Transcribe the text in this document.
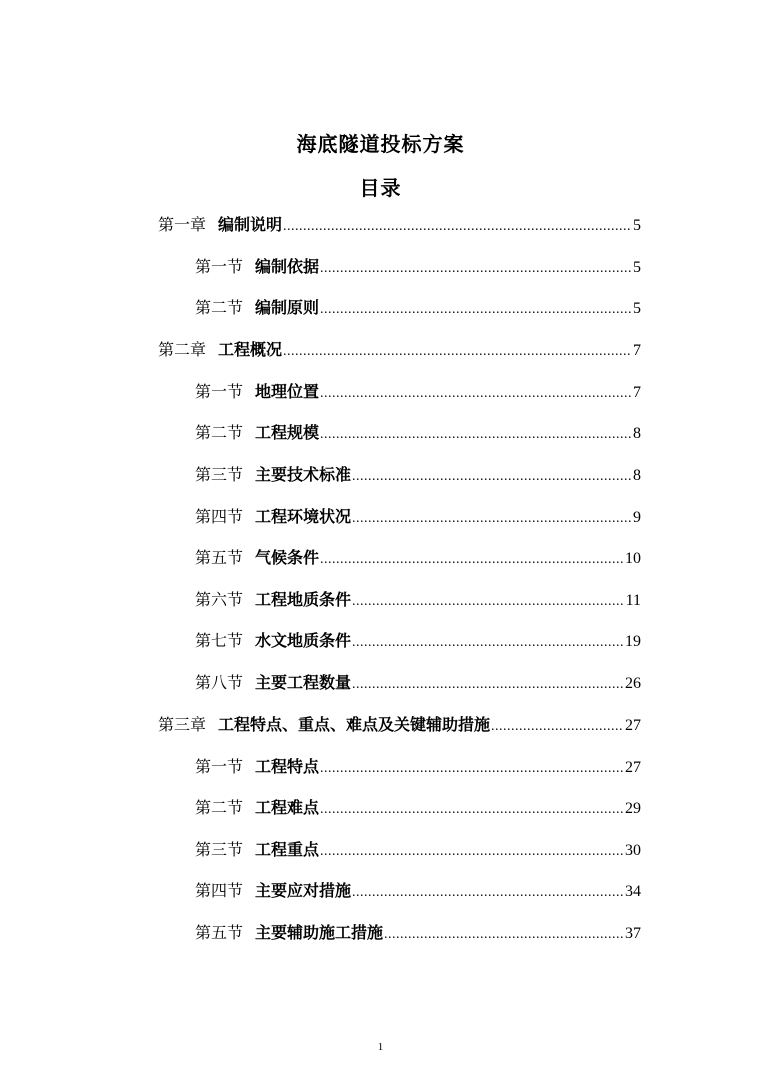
海底隧道投标方案
目录
第一章 编制说明 .....	5
第一节 编制依据 .....	5
第二节 编制原则 .....	5
第二章 工程概况 .....	7
第一节 地理位置 .....	7
第二节 工程规模 .....	8
第三节 主要技术标准 .....	8
第四节 工程环境状况 .....	9
第五节 气候条件 .....	10
第六节 工程地质条件 .....	11
第七节 水文地质条件 .....	19
第八节 主要工程数量 .....	26
第三章 工程特点、重点、难点及关键辅助措施 .....	27
第一节 工程特点 .....	27
第二节 工程难点 .....	29
第三节 工程重点 .....	30
第四节 主要应对措施 .....	34
第五节 主要辅助施工措施 .....	37
1
